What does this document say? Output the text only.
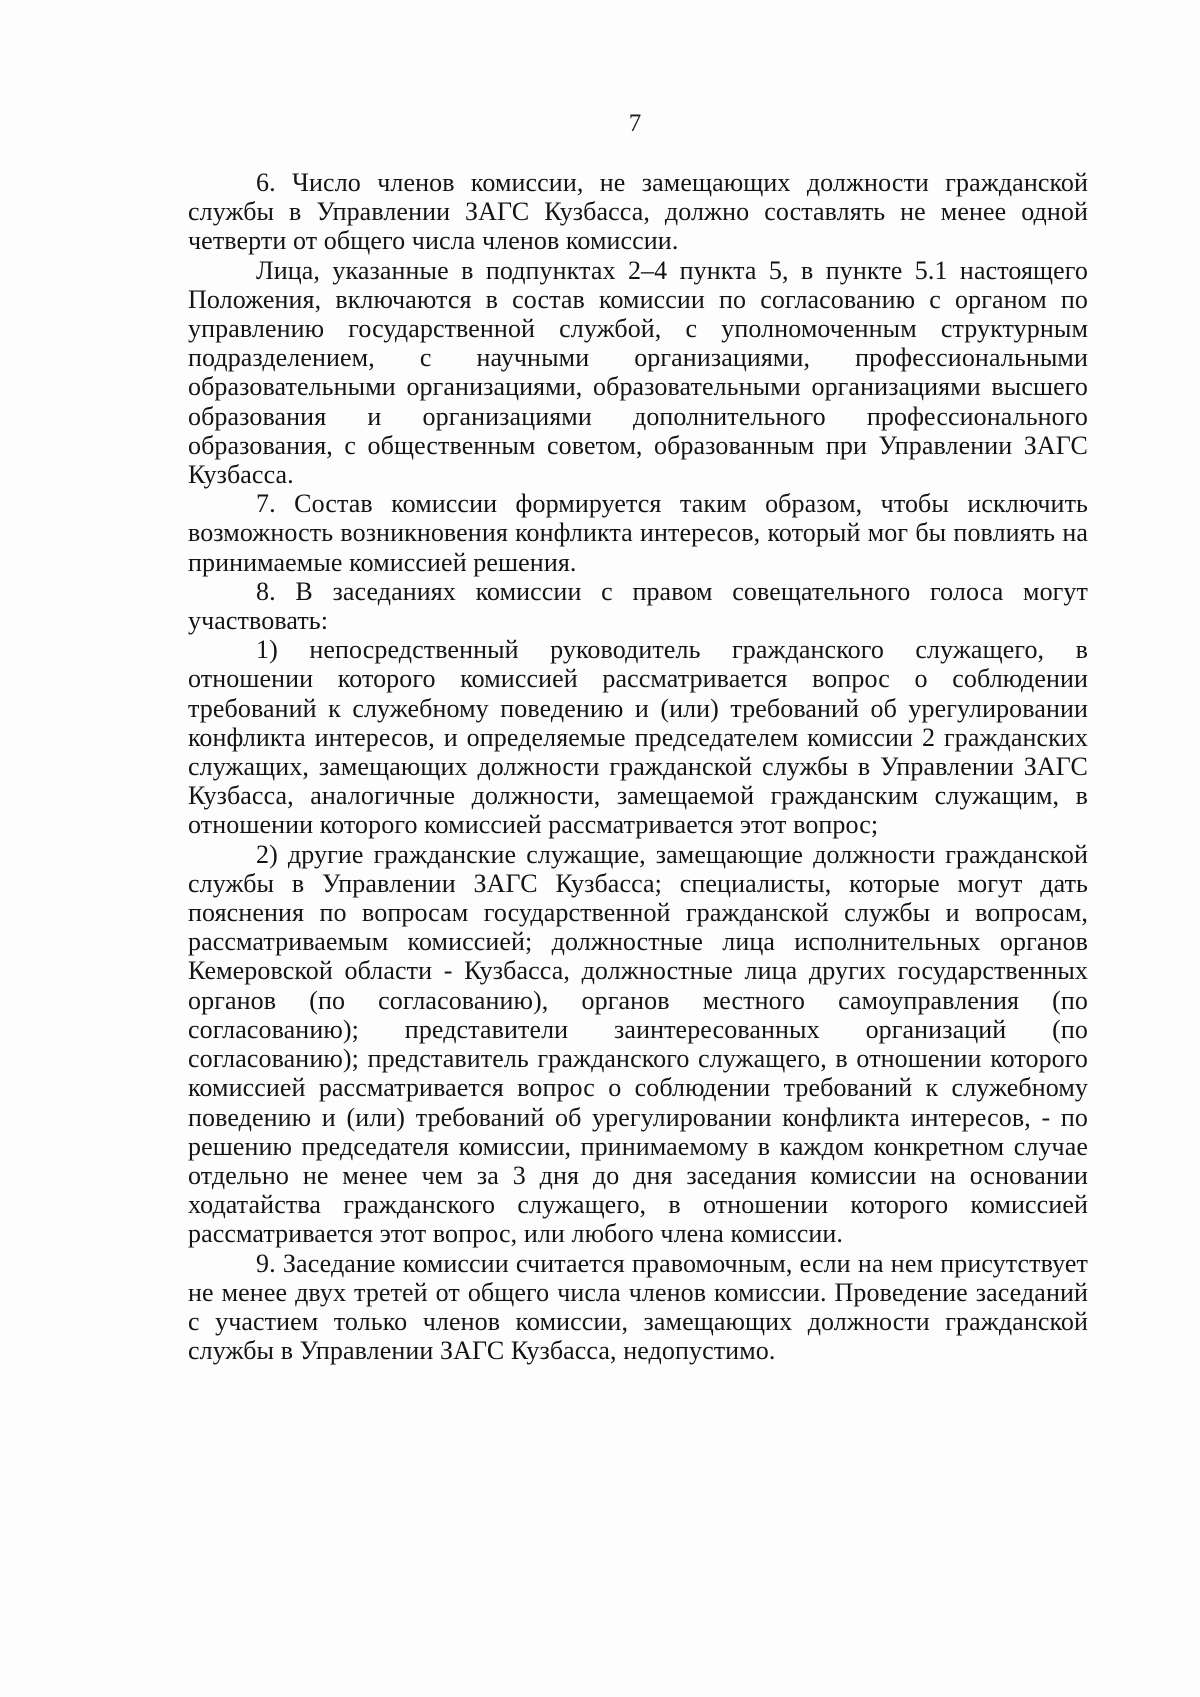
7

6. Число членов комиссии, не замещающих должности гражданской службы в Управлении ЗАГС Кузбасса, должно составлять не менее одной четверти от общего числа членов комиссии.

Лица, указанные в подпунктах 2–4 пункта 5, в пункте 5.1 настоящего Положения, включаются в состав комиссии по согласованию с органом по управлению государственной службой, с уполномоченным структурным подразделением, с научными организациями, профессиональными образовательными организациями, образовательными организациями высшего образования и организациями дополнительного профессионального образования, с общественным советом, образованным при Управлении ЗАГС Кузбасса.

7. Состав комиссии формируется таким образом, чтобы исключить возможность возникновения конфликта интересов, который мог бы повлиять на принимаемые комиссией решения.

8. В заседаниях комиссии с правом совещательного голоса могут участвовать:

1) непосредственный руководитель гражданского служащего, в отношении которого комиссией рассматривается вопрос о соблюдении требований к служебному поведению и (или) требований об урегулировании конфликта интересов, и определяемые председателем комиссии 2 гражданских служащих, замещающих должности гражданской службы в Управлении ЗАГС Кузбасса, аналогичные должности, замещаемой гражданским служащим, в отношении которого комиссией рассматривается этот вопрос;

2) другие гражданские служащие, замещающие должности гражданской службы в Управлении ЗАГС Кузбасса; специалисты, которые могут дать пояснения по вопросам государственной гражданской службы и вопросам, рассматриваемым комиссией; должностные лица исполнительных органов Кемеровской области - Кузбасса, должностные лица других государственных органов (по согласованию), органов местного самоуправления (по согласованию); представители заинтересованных организаций (по согласованию); представитель гражданского служащего, в отношении которого комиссией рассматривается вопрос о соблюдении требований к служебному поведению и (или) требований об урегулировании конфликта интересов, - по решению председателя комиссии, принимаемому в каждом конкретном случае отдельно не менее чем за 3 дня до дня заседания комиссии на основании ходатайства гражданского служащего, в отношении которого комиссией рассматривается этот вопрос, или любого члена комиссии.

9. Заседание комиссии считается правомочным, если на нем присутствует не менее двух третей от общего числа членов комиссии. Проведение заседаний с участием только членов комиссии, замещающих должности гражданской службы в Управлении ЗАГС Кузбасса, недопустимо.
